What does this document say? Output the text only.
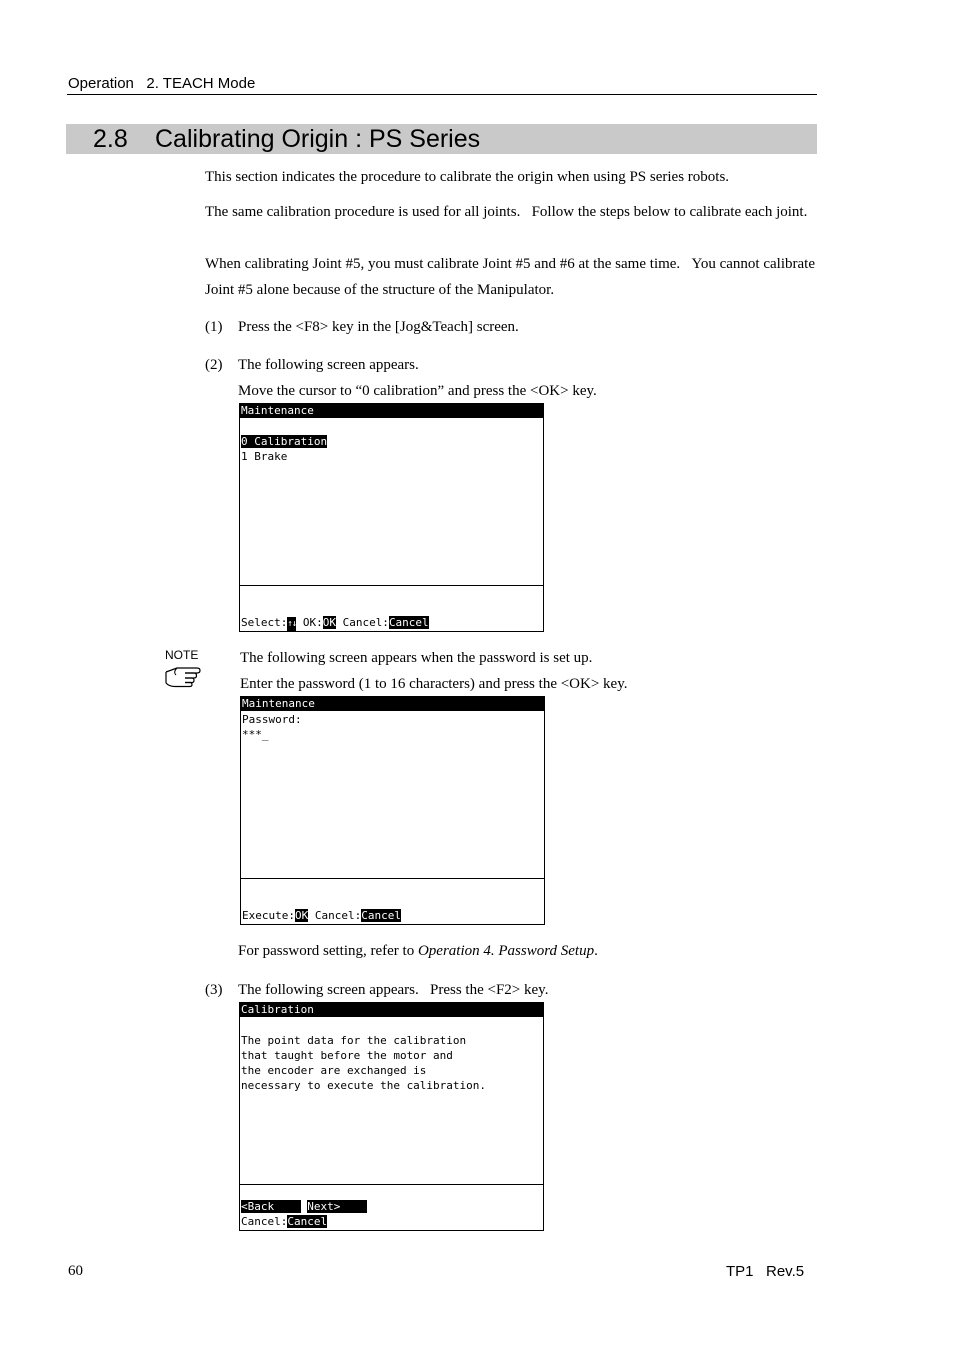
Operation 2. TEACH Mode
2.8 Calibrating Origin : PS Series
This section indicates the procedure to calibrate the origin when using PS series robots.
The same calibration procedure is used for all joints.   Follow the steps below to calibrate each joint.
When calibrating Joint #5, you must calibrate Joint #5 and #6 at the same time.   You cannot calibrate Joint #5 alone because of the structure of the Manipulator.
(1) Press the <F8> key in the [Jog&Teach] screen.
(2) The following screen appears.
Move the cursor to “0 calibration” and press the <OK> key.
Maintenance
0 Calibration
1 Brake
Select:↑↓ OK:OK Cancel:Cancel
NOTE	The following screen appears when the password is set up.
Enter the password (1 to 16 characters) and press the <OK> key.
Maintenance
Password:
***_
Execute:OK Cancel:Cancel
For password setting, refer to Operation 4. Password Setup.
(3) The following screen appears.   Press the <F2> key.
Calibration
The point data for the calibration
that taught before the motor and
the encoder are exchanged is
necessary to execute the calibration.
<Back     Next>
Cancel:Cancel
60	TP1   Rev.5
